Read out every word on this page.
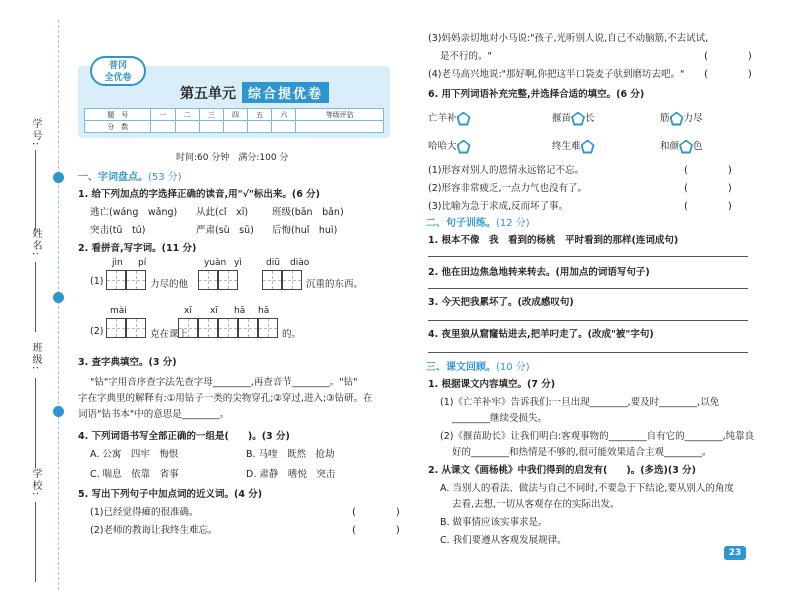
学号:
姓名:
班级:
学校:
普冈
全优卷
第五单元 综合提优卷
题　号	一	二	三	四	五	六	等级评估
分　数							
时间:60 分钟　满分:100 分
一、字词盘点。(53 分)
1. 给下列加点的字选择正确的读音,用"√"标出来。(6 分)
逃亡(wáng　wǎng) 从此(cǐ　xī)	班级(bān　bǎn)
突击(tū　tú)	严肃(sù　sū) 后悔(huǐ　huì)
2. 看拼音,写字词。(11 分)
jìn pí	yuàn yì	diū diào
(1)	力尽的他	沉重的东西。
mài	xī xī hā hā
(2)	克在课上	的。
3. 查字典填空。(3 分)
"钻"字用音序查字法先查字母________,再查音节________。"钻"
字在字典里的解释有:①用钻子一类的尖物穿孔;②穿过,进入;③钻研。在
词语"钻书本"中的意思是________。
4. 下列词语书写全部正确的一组是(　　)。(3 分)
A. 公寓　四牢　悔恨	B. 马喹　既然　抢劫
C. 喘息　依靠　省事	D. 肃静　嗜悦　突击
5. 写出下列句子中加点词的近义词。(4 分)
(1)已经觉得瘫的很准确。	(　　　　)
(2)老师的教诲让我终生难忘。	(　　　　)
(3)妈妈亲切地对小马说:"孩子,光听别人说,自己不动脑筋,不去试试,
是不行的。"	(　　　　)
(4)老马高兴地说:"那好啊,你把这半口袋麦子驮到磨坊去吧。" (　　　　)
6. 用下列词语补充完整,并选择合适的填空。(6 分)
亡羊补	揠苗 长	筋 力尽
哈哈大	终生难	和颜 色
(1)形容对别人的恩情永远铭记不忘。	(　　　　)
(2)形容非常疲乏,一点力气也没有了。	(　　　　)
(3)比喻为急于求成,反而坏了事。	(　　　　)
二、句子训练。(12 分)
1. 根本不像　我　看到的杨桃　平时看到的那样(连词成句)
2. 他在田边焦急地转来转去。(用加点的词语写句子)
3. 今天把我累坏了。(改成感叹句)
4. 夜里狼从窟窿钻进去,把羊叼走了。(改成"被"字句)
三、课文回顾。(10 分)
1. 根据课文内容填空。(7 分)
(1)《亡羊补牢》告诉我们:一旦出现________,要及时________,以免
________继续受损失。
(2)《揠苗助长》让我们明白:客观事物的________自有它的________,纯靠良
好的________和热情是不够的,很可能效果适合主观________。
2. 从课文《画杨桃》中我们得到的启发有(　　)。(多选)(3 分)
A. 当别人的看法、做法与自己不同时,不要急于下结论,要从别人的角度
去看,去想,一切从客观存在的实际出发。
B. 做事情应该实事求是。
C. 我们要遵从客观发展规律。
23
